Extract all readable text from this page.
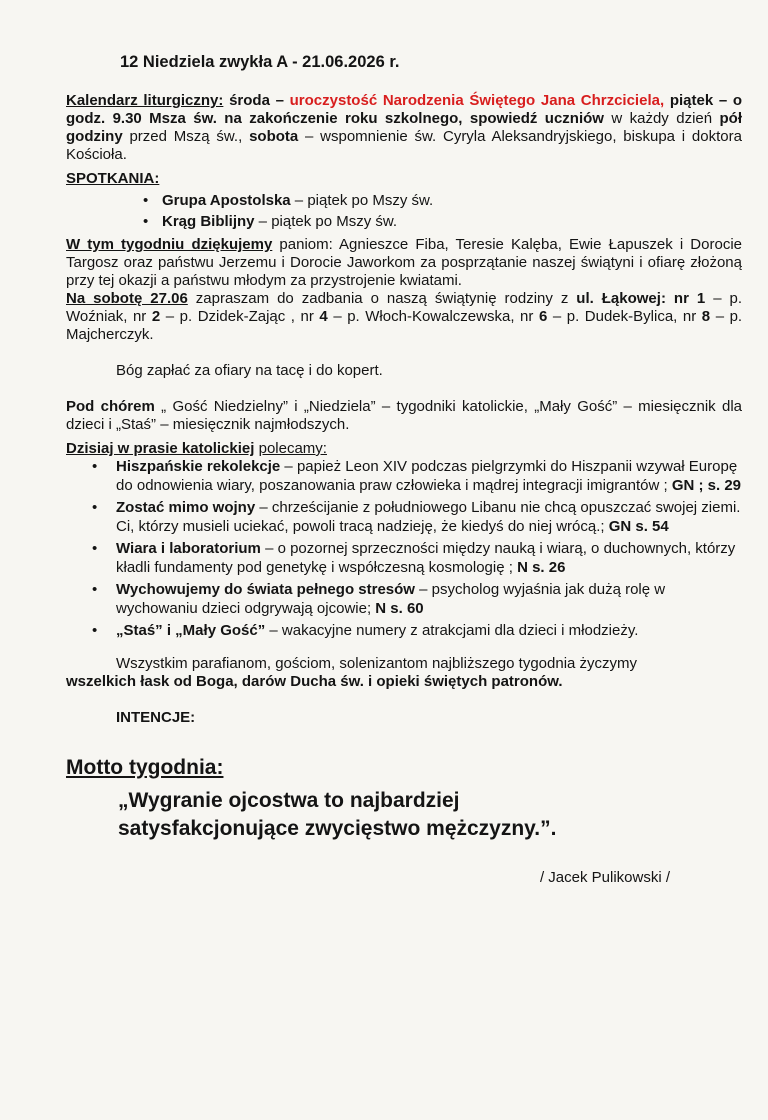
12 Niedziela zwykła A - 21.06.2026 r.

Kalendarz liturgiczny: środa – uroczystość Narodzenia Świętego Jana Chrzciciela, piątek – o godz. 9.30 Msza św. na zakończenie roku szkolnego, spowiedź uczniów w każdy dzień pół godziny przed Mszą św., sobota – wspomnienie św. Cyryla Aleksandryjskiego, biskupa i doktora Kościoła.

SPOTKANIA:

• Grupa Apostolska – piątek po Mszy św.
• Krąg Biblijny – piątek po Mszy św.

W tym tygodniu dziękujemy paniom: Agnieszce Fiba, Teresie Kalęba, Ewie Łapuszek i Dorocie Targosz oraz państwu Jerzemu i Dorocie Jaworkom za posprzątanie naszej świątyni i ofiarę złożoną przy tej okazji a państwu młodym za przystrojenie kwiatami.

Na sobotę 27.06 zapraszam do zadbania o naszą świątynię rodziny z ul. Łąkowej: nr 1 – p. Woźniak, nr 2 – p. Dzidek-Zając , nr 4 – p. Włoch-Kowalczewska, nr 6 – p. Dudek-Bylica, nr 8 – p. Majcherczyk.

Bóg zapłać za ofiary na tacę i do kopert.

Pod chórem „ Gość Niedzielny” i „Niedziela” – tygodniki katolickie, „Mały Gość” – miesięcznik dla dzieci i „Staś” – miesięcznik najmłodszych.

Dzisiaj w prasie katolickiej polecamy:

• Hiszpańskie rekolekcje – papież Leon XIV podczas pielgrzymki do Hiszpanii wzywał Europę do odnowienia wiary, poszanowania praw człowieka i mądrej integracji imigrantów ; GN ; s. 29
• Zostać mimo wojny – chrześcijanie z południowego Libanu nie chcą opuszczać swojej ziemi. Ci, którzy musieli uciekać, powoli tracą nadzieję, że kiedyś do niej wrócą.; GN s. 54
• Wiara i laboratorium – o pozornej sprzeczności między nauką i wiarą, o duchownych, którzy kładli fundamenty pod genetykę i współczesną kosmologię ; N s. 26
• Wychowujemy do świata pełnego stresów – psycholog wyjaśnia jak dużą rolę w wychowaniu dzieci odgrywają ojcowie; N s. 60
• „Staś” i „Mały Gość” – wakacyjne numery z atrakcjami dla dzieci i młodzieży.

Wszystkim parafianom, gościom, solenizantom najbliższego tygodnia życzymy

wszelkich łask od Boga, darów Ducha św. i opieki świętych patronów.

INTENCJE:

Motto tygodnia:
„Wygranie ojcostwa to najbardziej
satysfakcjonujące zwycięstwo mężczyzny.”.
/ Jacek Pulikowski /
